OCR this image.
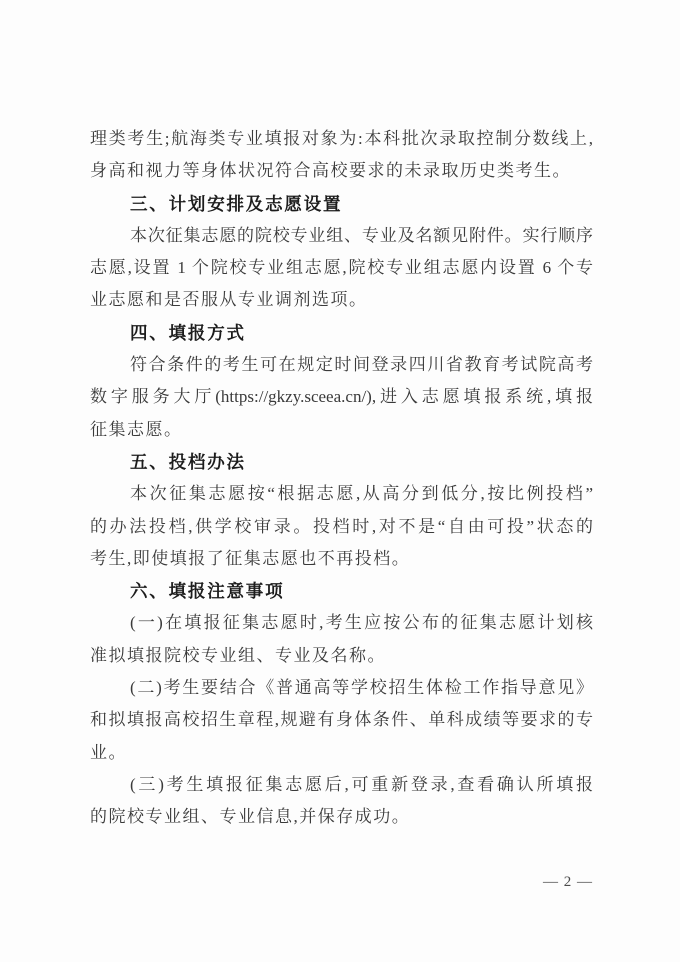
理类考生;航海类专业填报对象为:本科批次录取控制分数线上,
身高和视力等身体状况符合高校要求的未录取历史类考生。
三、计划安排及志愿设置
本次征集志愿的院校专业组、专业及名额见附件。实行顺序
志愿,设置 1 个院校专业组志愿,院校专业组志愿内设置 6 个专
业志愿和是否服从专业调剂选项。
四、填报方式
符合条件的考生可在规定时间登录四川省教育考试院高考
数字服务大厅(https://gkzy.sceea.cn/),进入志愿填报系统,填报
征集志愿。
五、投档办法
本次征集志愿按“根据志愿,从高分到低分,按比例投档”
的办法投档,供学校审录。投档时,对不是“自由可投”状态的
考生,即使填报了征集志愿也不再投档。
六、填报注意事项
(一)在填报征集志愿时,考生应按公布的征集志愿计划核
准拟填报院校专业组、专业及名称。
(二)考生要结合《普通高等学校招生体检工作指导意见》
和拟填报高校招生章程,规避有身体条件、单科成绩等要求的专
业。
(三)考生填报征集志愿后,可重新登录,查看确认所填报
的院校专业组、专业信息,并保存成功。
— 2 —
